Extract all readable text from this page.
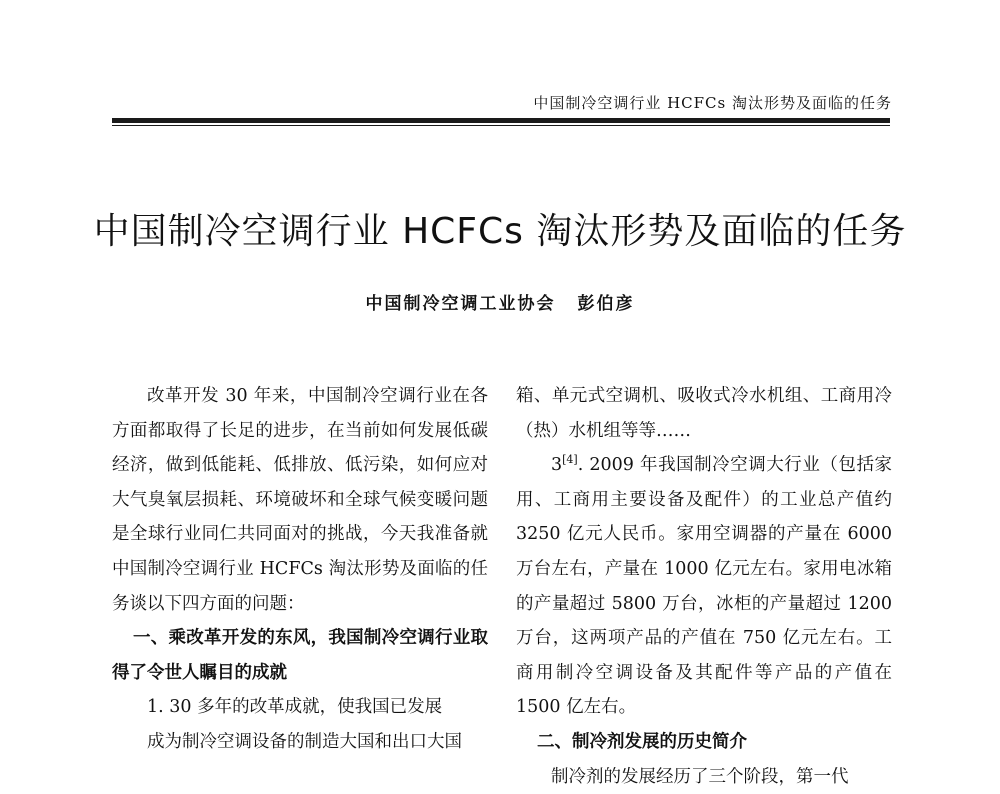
中国制冷空调行业 HCFCs 淘汰形势及面临的任务
中国制冷空调行业 HCFCs 淘汰形势及面临的任务
中国制冷空调工业协会 彭伯彦

改革开发 30 年来，中国制冷空调行业在各方面都取得了长足的进步，在当前如何发展低碳经济，做到低能耗、低排放、低污染，如何应对大气臭氧层损耗、环境破坏和全球气候变暖问题是全球行业同仁共同面对的挑战，今天我准备就中国制冷空调行业 HCFCs 淘汰形势及面临的任务谈以下四方面的问题：

一、乘改革开发的东风，我国制冷空调行业取得了令世人瞩目的成就

1. 30 多年的改革成就，使我国已发展

成为制冷空调设备的制造大国和出口大国

箱、单元式空调机、吸收式冷水机组、工商用冷（热）水机组等等……

3[4]. 2009 年我国制冷空调大行业（包括家用、工商用主要设备及配件）的工业总产值约 3250 亿元人民币。家用空调器的产量在 6000 万台左右，产量在 1000 亿元左右。家用电冰箱的产量超过 5800 万台，冰柜的产量超过 1200 万台，这两项产品的产值在 750 亿元左右。工商用制冷空调设备及其配件等产品的产值在 1500 亿左右。

二、制冷剂发展的历史简介

制冷剂的发展经历了三个阶段，第一代
